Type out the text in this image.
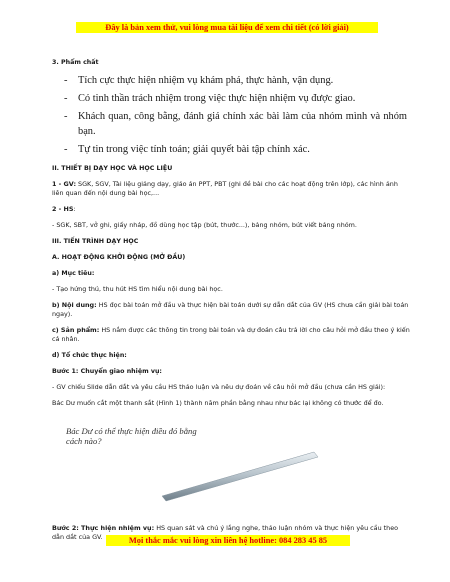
Đây là bản xem thử, vui lòng mua tài liệu để xem chi tiết (có lời giải)
3. Phẩm chất
- Tích cực thực hiện nhiệm vụ khám phá, thực hành, vận dụng.
- Có tinh thần trách nhiệm trong việc thực hiện nhiệm vụ được giao.
- Khách quan, công bằng, đánh giá chính xác bài làm của nhóm mình và nhóm bạn.
- Tự tin trong việc tính toán; giải quyết bài tập chính xác.
II. THIẾT BỊ DẠY HỌC VÀ HỌC LIỆU

1 - GV: SGK, SGV, Tài liệu giảng dạy, giáo án PPT, PBT (ghi đề bài cho các hoạt động trên lớp), các hình ảnh liên quan đến nội dung bài học,...

2 - HS:

- SGK, SBT, vở ghi, giấy nháp, đồ dùng học tập (bút, thước...), bảng nhóm, bút viết bảng nhóm.

III. TIẾN TRÌNH DẠY HỌC
A. HOẠT ĐỘNG KHỞI ĐỘNG (MỞ ĐẦU)
a) Mục tiêu:

- Tạo hứng thú, thu hút HS tìm hiểu nội dung bài học.

b) Nội dung: HS đọc bài toán mở đầu và thực hiện bài toán dưới sự dẫn dắt của GV (HS chưa cần giải bài toán ngay).

c) Sản phẩm: HS nắm được các thông tin trong bài toán và dự đoán câu trả lời cho câu hỏi mở đầu theo ý kiến cá nhân.

d) Tổ chức thực hiện:
Bước 1: Chuyển giao nhiệm vụ:

- GV chiếu Slide dẫn dắt và yêu cầu HS thảo luận và nêu dự đoán về câu hỏi mở đầu (chưa cần HS giải):

Bác Dư muốn cắt một thanh sắt (Hình 1) thành năm phần bằng nhau như bác lại không có thước để đo.

Bác Dư có thể thực hiện điều đó bằng cách nào?

Bước 2: Thực hiện nhiệm vụ: HS quan sát và chú ý lắng nghe, thảo luận nhóm và thực hiện yêu cầu theo dẫn dắt của GV.	Mọi thắc mắc vui lòng xin liên hệ hotline: 084 283 45 85
